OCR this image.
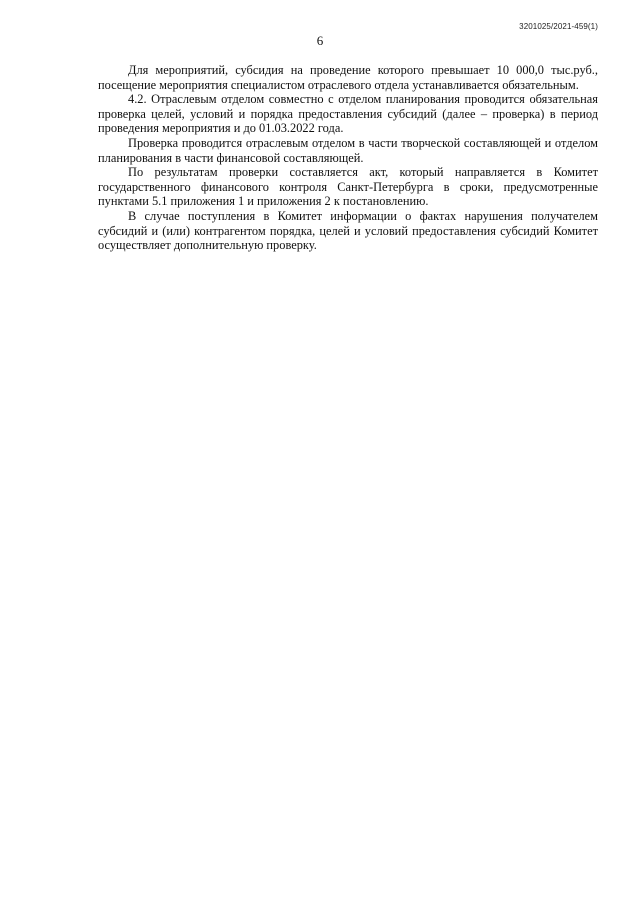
3201025/2021-459(1)
6

Для мероприятий, субсидия на проведение которого превышает 10 000,0 тыс.руб., посещение мероприятия специалистом отраслевого отдела устанавливается обязательным.

4.2. Отраслевым отделом совместно с отделом планирования проводится обязательная проверка целей, условий и порядка предоставления субсидий (далее – проверка) в период проведения мероприятия и до 01.03.2022 года.

Проверка проводится отраслевым отделом в части творческой составляющей и отделом планирования в части финансовой составляющей.

По результатам проверки составляется акт, который направляется в Комитет государственного финансового контроля Санкт-Петербурга в сроки, предусмотренные пунктами 5.1 приложения 1 и приложения 2 к постановлению.

В случае поступления в Комитет информации о фактах нарушения получателем субсидий и (или) контрагентом порядка, целей и условий предоставления субсидий Комитет осуществляет дополнительную проверку.
